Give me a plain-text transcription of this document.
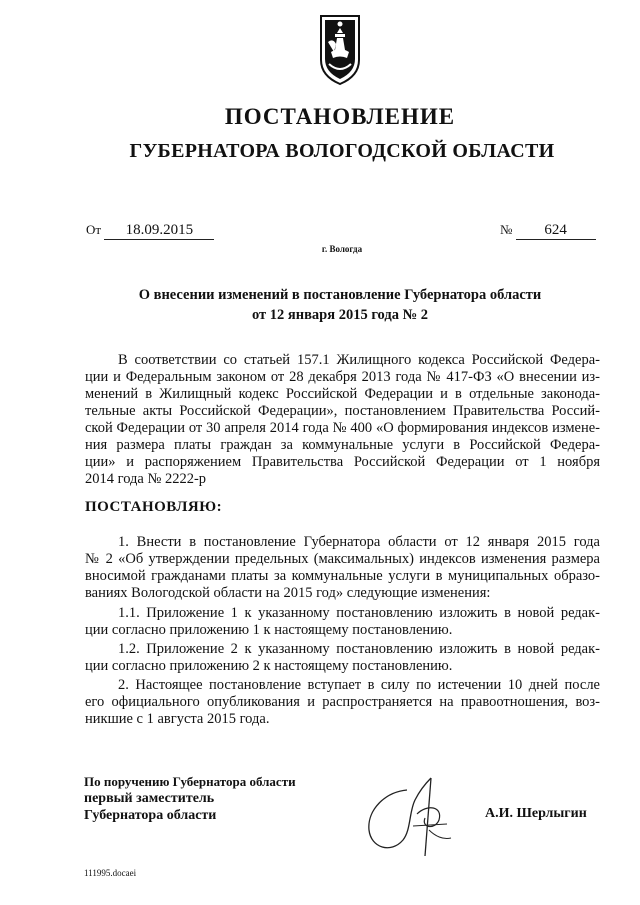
ПОСТАНОВЛЕНИЕ
ГУБЕРНАТОРА ВОЛОГОДСКОЙ ОБЛАСТИ
От 18.09.2015	№ 624
г. Вологда
О внесении изменений в постановление Губернатора области
от 12 января 2015 года № 2
В соответствии со статьей 157.1 Жилищного кодекса Российской Федера-
ции и Федеральным законом от 28 декабря 2013 года № 417-ФЗ «О внесении из-
менений в Жилищный кодекс Российской Федерации и в отдельные законода-
тельные акты Российской Федерации», постановлением Правительства Россий-
ской Федерации от 30 апреля 2014 года № 400 «О формирования индексов измене-
ния размера платы граждан за коммунальные услуги в Российской Федера-
ции» и распоряжением Правительства Российской Федерации от 1 ноября
2014 года № 2222-р
ПОСТАНОВЛЯЮ:
1. Внести в постановление Губернатора области от 12 января 2015 года
№ 2 «Об утверждении предельных (максимальных) индексов изменения размера
вносимой гражданами платы за коммунальные услуги в муниципальных образо-
ваниях Вологодской области на 2015 год» следующие изменения:
1.1. Приложение 1 к указанному постановлению изложить в новой редак-
ции согласно приложению 1 к настоящему постановлению.
1.2. Приложение 2 к указанному постановлению изложить в новой редак-
ции согласно приложению 2 к настоящему постановлению.
2. Настоящее постановление вступает в силу по истечении 10 дней после
его официального опубликования и распространяется на правоотношения, воз-
никшие с 1 августа 2015 года.
По поручению Губернатора области
первый заместитель
Губернатора области	А.И. Шерлыгин
111995.docaei
